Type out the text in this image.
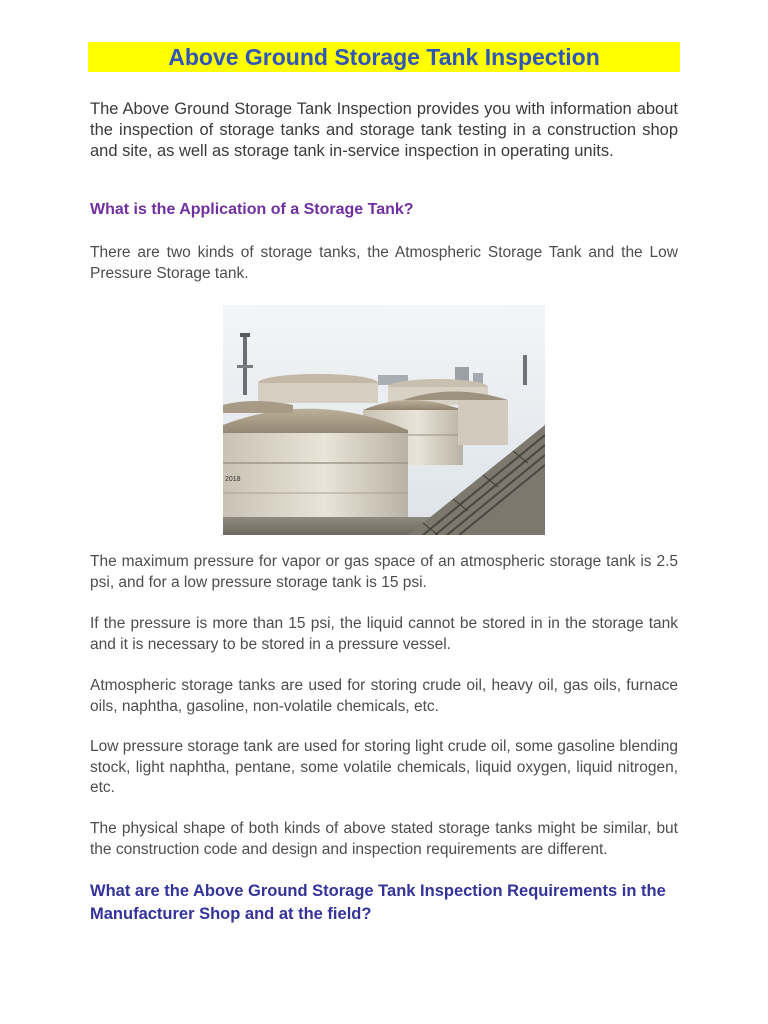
Above Ground Storage Tank Inspection

The Above Ground Storage Tank Inspection provides you with information about the inspection of storage tanks and storage tank testing in a construction shop and site, as well as storage tank in-service inspection in operating units.

What is the Application of a Storage Tank?

There are two kinds of storage tanks, the Atmospheric Storage Tank and the Low Pressure Storage tank.

2018

The maximum pressure for vapor or gas space of an atmospheric storage tank is 2.5 psi, and for a low pressure storage tank is 15 psi.

If the pressure is more than 15 psi, the liquid cannot be stored in in the storage tank and it is necessary to be stored in a pressure vessel.

Atmospheric storage tanks are used for storing crude oil, heavy oil, gas oils, furnace oils, naphtha, gasoline, non-volatile chemicals, etc.

Low pressure storage tank are used for storing light crude oil, some gasoline blending stock, light naphtha, pentane, some volatile chemicals, liquid oxygen, liquid nitrogen, etc.

The physical shape of both kinds of above stated storage tanks might be similar, but the construction code and design and inspection requirements are different.

What are the Above Ground Storage Tank Inspection Requirements in the Manufacturer Shop and at the field?
